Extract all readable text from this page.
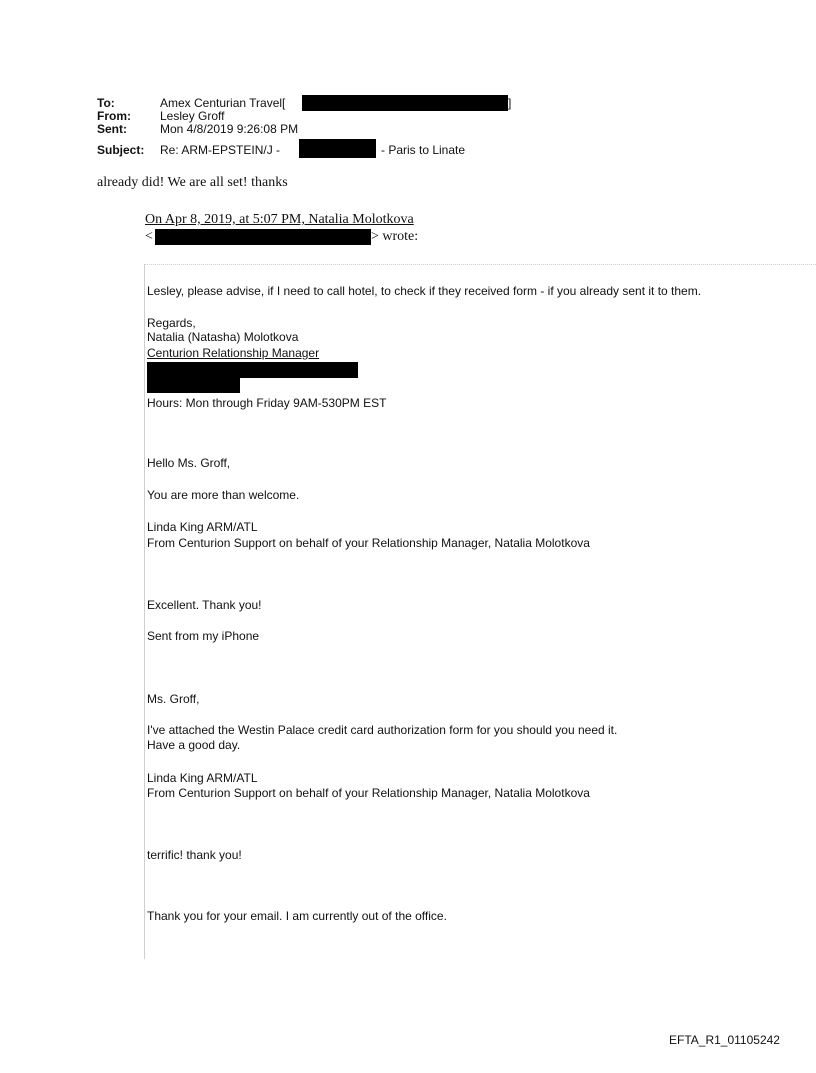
To:	Amex Centurian Travel[	]
From: Lesley Groff
Sent:	Mon 4/8/2019 9:26:08 PM
Subject: Re: ARM-EPSTEIN/J -	- Paris to Linate
already did! We are all set! thanks
On Apr 8, 2019, at 5:07 PM, Natalia Molotkova
<	> wrote:
Lesley, please advise, if I need to call hotel, to check if they received form - if you already sent it to them.
Regards,
Natalia (Natasha) Molotkova
Centurion Relationship Manager
Hours: Mon through Friday 9AM-530PM EST
Hello Ms. Groff,
You are more than welcome.
Linda King ARM/ATL
From Centurion Support on behalf of your Relationship Manager, Natalia Molotkova
Excellent. Thank you!
Sent from my iPhone
Ms. Groff,
I've attached the Westin Palace credit card authorization form for you should you need it.
Have a good day.
Linda King ARM/ATL
From Centurion Support on behalf of your Relationship Manager, Natalia Molotkova
terrific! thank you!
Thank you for your email. I am currently out of the office.
EFTA_R1_01105242
